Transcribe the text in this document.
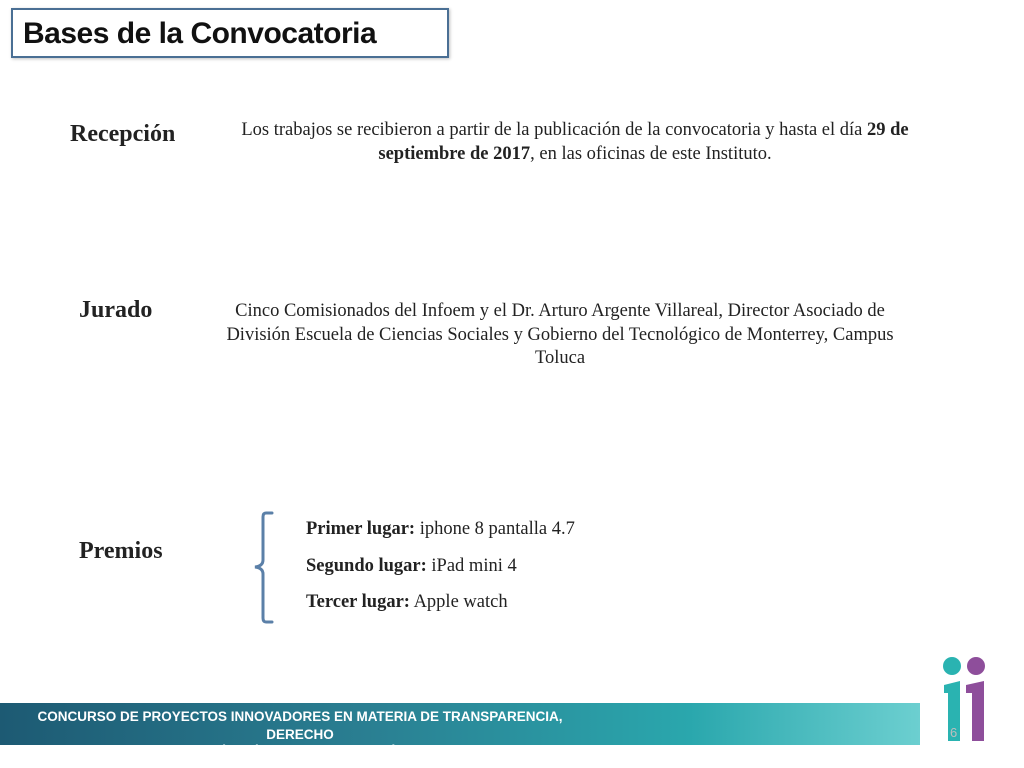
Bases de la Convocatoria
Recepción	Los trabajos se recibieron a partir de la publicación de la convocatoria y hasta el día 29 de septiembre de 2017, en las oficinas de este Instituto.
Jurado	Cinco Comisionados del Infoem y el Dr. Arturo Argente Villareal, Director Asociado de División Escuela de Ciencias Sociales y Gobierno del Tecnológico de Monterrey, Campus Toluca
Premios
Primer lugar: iphone 8 pantalla 4.7
Segundo lugar: iPad mini 4
Tercer lugar: Apple watch
CONCURSO DE PROYECTOS INNOVADORES EN MATERIA DE TRANSPARENCIA, DERECHO
DE ACCESO A LA INFORMACIÓN PÚBLICA Y PROTECCIÓN DE DATOS PERSONALES
6
